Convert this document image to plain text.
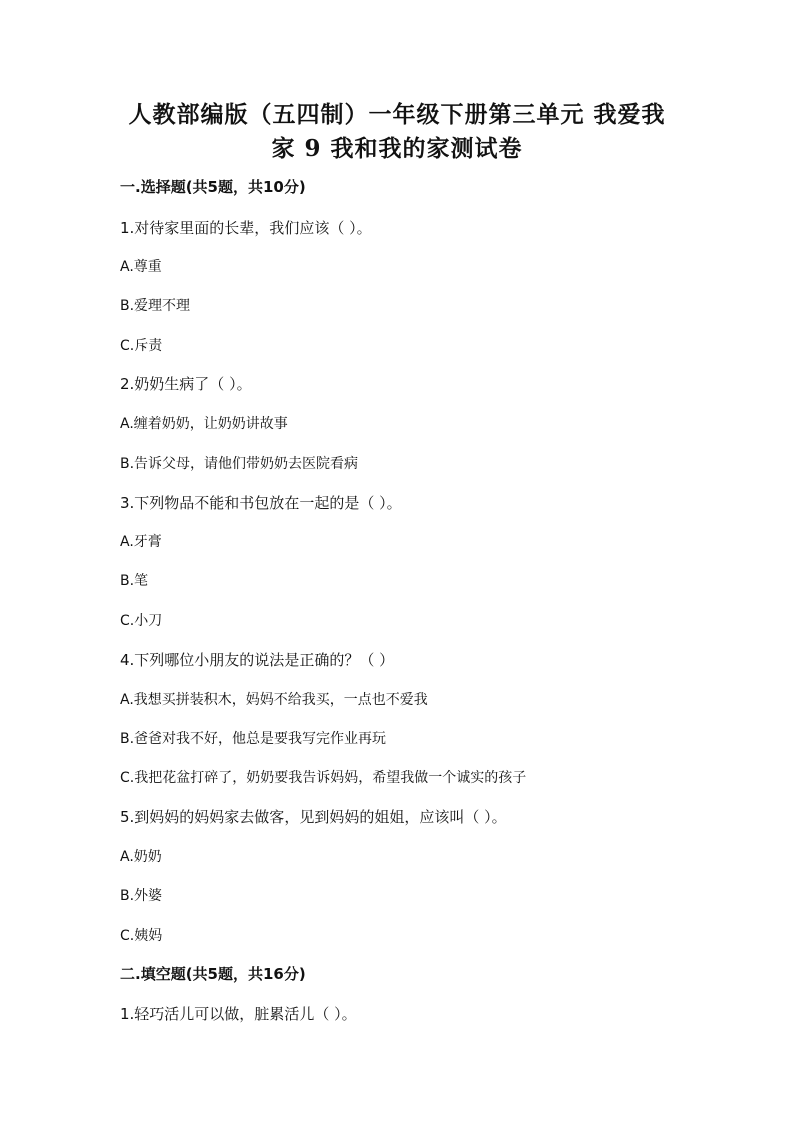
人教部编版（五四制）一年级下册第三单元 我爱我
家 9 我和我的家测试卷
一.选择题(共5题，共10分)
1.对待家里面的长辈，我们应该（ ）。
A.尊重
B.爱理不理
C.斥责
2.奶奶生病了（ ）。
A.缠着奶奶，让奶奶讲故事
B.告诉父母，请他们带奶奶去医院看病
3.下列物品不能和书包放在一起的是（ ）。
A.牙膏
B.笔
C.小刀
4.下列哪位小朋友的说法是正确的？（ ）
A.我想买拼装积木，妈妈不给我买，一点也不爱我
B.爸爸对我不好，他总是要我写完作业再玩
C.我把花盆打碎了，奶奶要我告诉妈妈，希望我做一个诚实的孩子
5.到妈妈的妈妈家去做客，见到妈妈的姐姐，应该叫（ ）。
A.奶奶
B.外婆
C.姨妈
二.填空题(共5题，共16分)
1.轻巧活儿可以做，脏累活儿（ ）。
